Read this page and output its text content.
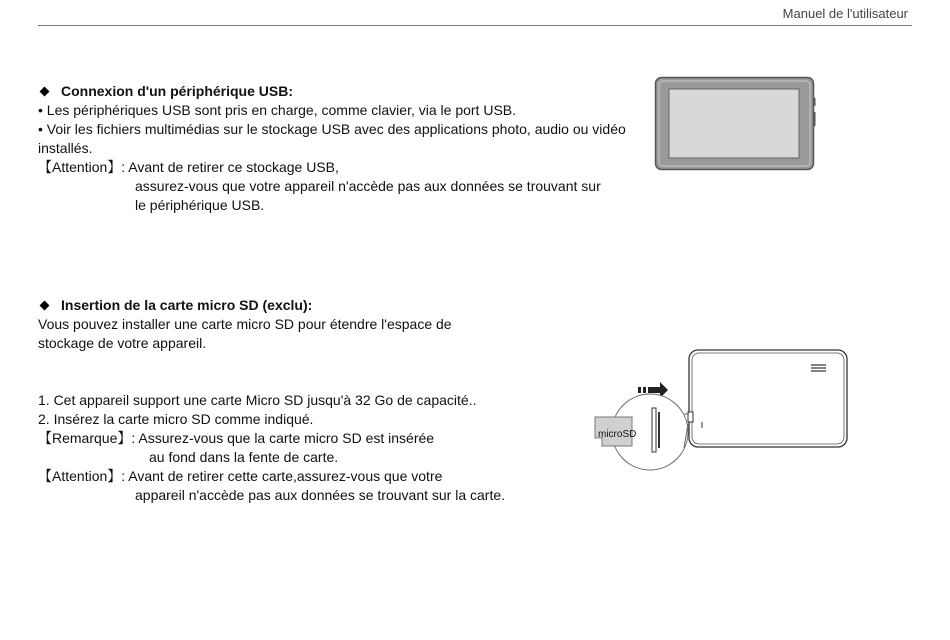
Manuel de l'utilisateur
Connexion d'un périphérique USB:
• Les périphériques USB sont pris en charge, comme clavier, via le port USB.
• Voir les fichiers multimédias sur le stockage USB avec des applications photo, audio ou vidéo installés.
【Attention】 : Avant de retirer ce stockage USB,
assurez-vous que votre appareil n'accède pas aux données se trouvant sur
le périphérique USB.
Insertion de la carte micro SD (exclu):
Vous pouvez installer une carte micro SD pour étendre l'espace de stockage de votre appareil.
1. Cet appareil support une carte Micro SD jusqu'à 32 Go de capacité..
2. Insérez la carte micro SD comme indiqué.
【Remarque】 : Assurez-vous que la carte micro SD est insérée
au fond dans la fente de carte.
【Attention】 : Avant de retirer cette carte,assurez-vous que votre
appareil n'accède pas aux données se trouvant sur la carte.
microSD
